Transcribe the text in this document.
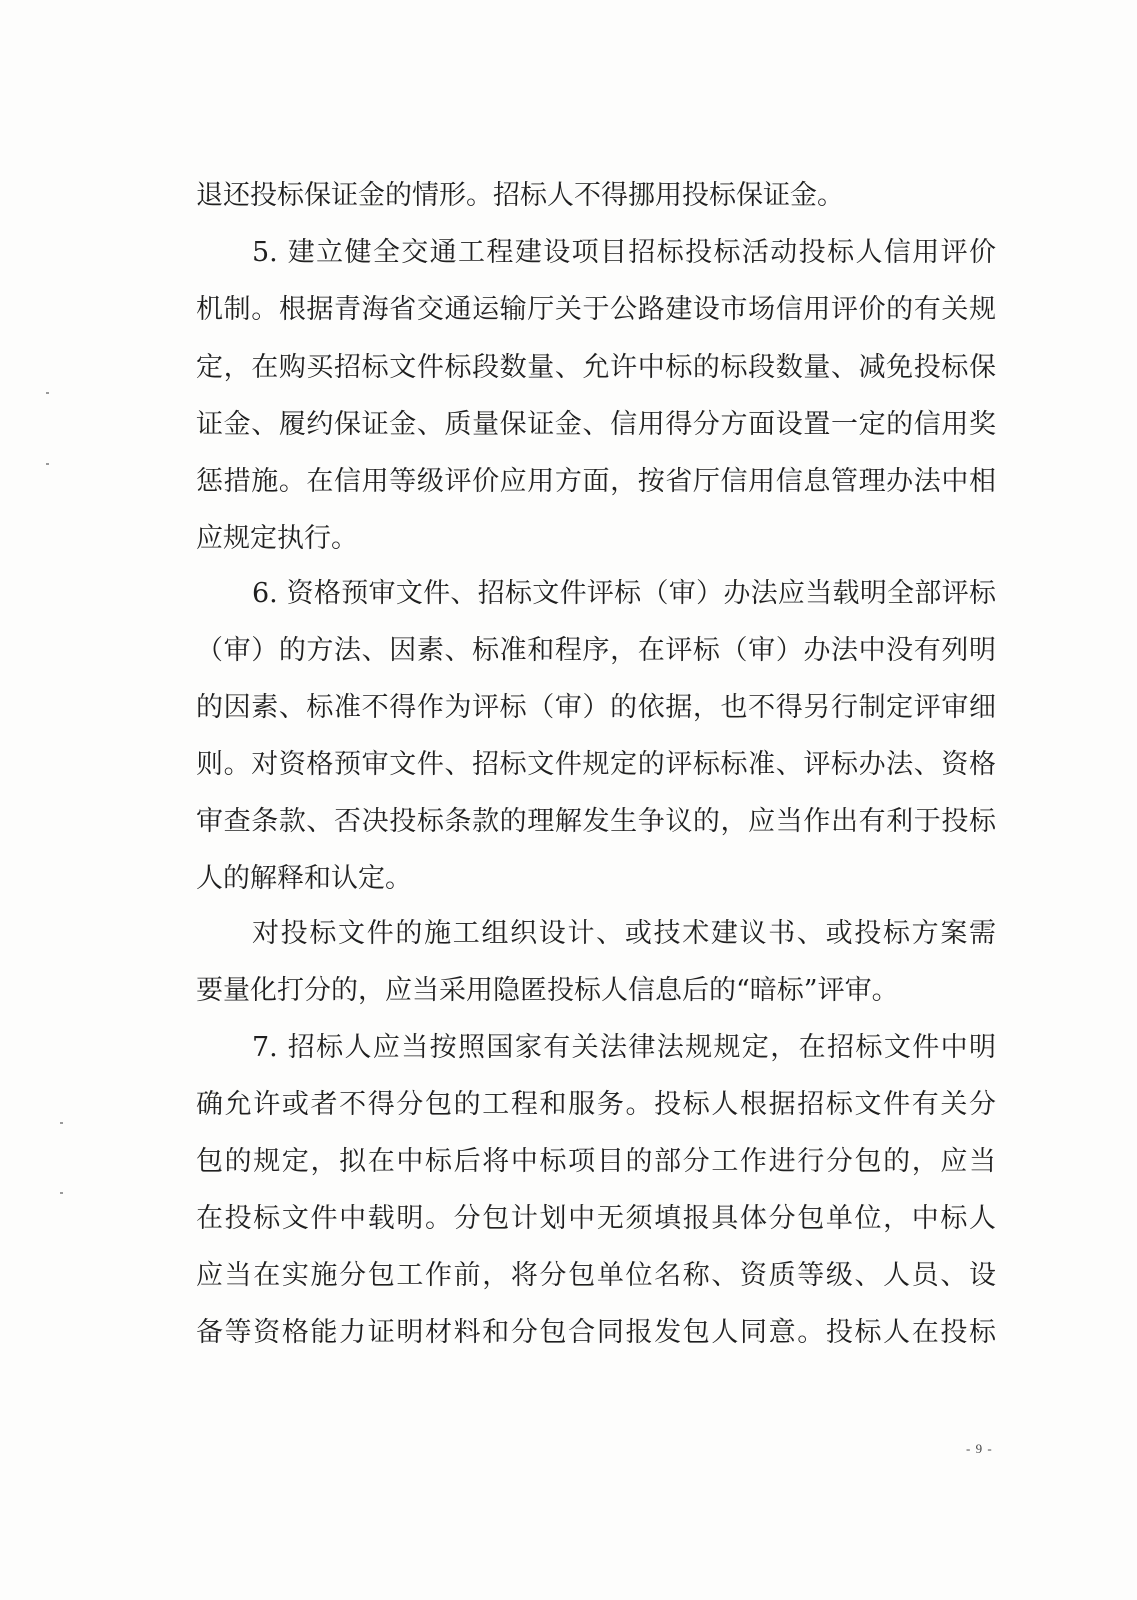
退还投标保证金的情形。招标人不得挪用投标保证金。
5. 建立健全交通工程建设项目招标投标活动投标人信用评价
机制。根据青海省交通运输厅关于公路建设市场信用评价的有关规
定，在购买招标文件标段数量、允许中标的标段数量、减免投标保
证金、履约保证金、质量保证金、信用得分方面设置一定的信用奖
惩措施。在信用等级评价应用方面，按省厅信用信息管理办法中相
应规定执行。
6. 资格预审文件、招标文件评标（审）办法应当载明全部评标
（审）的方法、因素、标准和程序，在评标（审）办法中没有列明
的因素、标准不得作为评标（审）的依据，也不得另行制定评审细
则。对资格预审文件、招标文件规定的评标标准、评标办法、资格
审查条款、否决投标条款的理解发生争议的，应当作出有利于投标
人的解释和认定。
对投标文件的施工组织设计、或技术建议书、或投标方案需
要量化打分的，应当采用隐匿投标人信息后的“暗标”评审。
7. 招标人应当按照国家有关法律法规规定，在招标文件中明
确允许或者不得分包的工程和服务。投标人根据招标文件有关分
包的规定，拟在中标后将中标项目的部分工作进行分包的，应当
在投标文件中载明。分包计划中无须填报具体分包单位，中标人
应当在实施分包工作前，将分包单位名称、资质等级、人员、设
备等资格能力证明材料和分包合同报发包人同意。投标人在投标
- 9 -
